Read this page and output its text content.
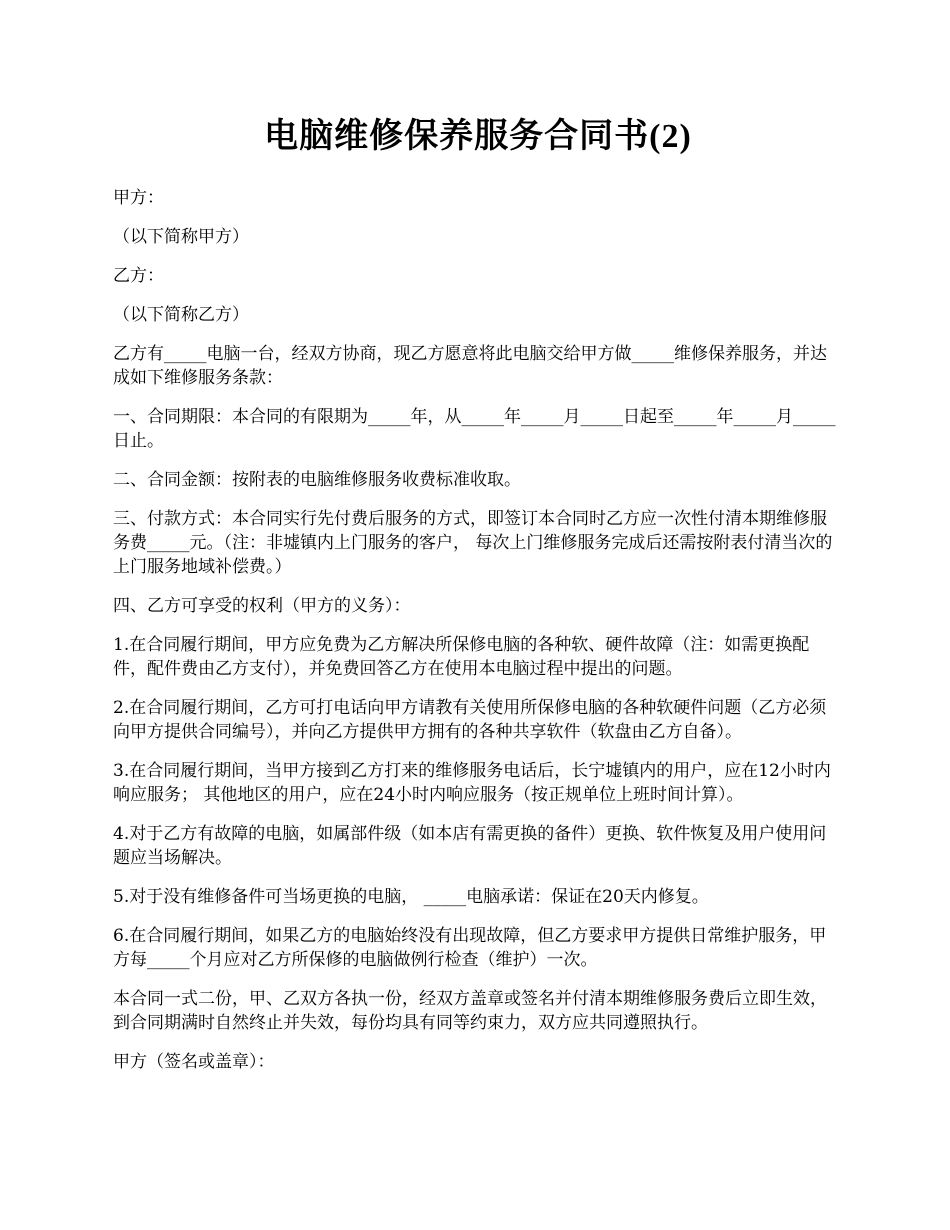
电脑维修保养服务合同书(2)

甲方：

（以下简称甲方）

乙方：

（以下简称乙方）

乙方有_____电脑一台，经双方协商，现乙方愿意将此电脑交给甲方做_____维修保养服务，并达成如下维修服务条款：

一、合同期限：本合同的有限期为_____年，从_____年_____月_____日起至_____年_____月_____日止。

二、合同金额：按附表的电脑维修服务收费标准收取。

三、付款方式：本合同实行先付费后服务的方式，即签订本合同时乙方应一次性付清本期维修服务费_____元。（注：非墟镇内上门服务的客户， 每次上门维修服务完成后还需按附表付清当次的上门服务地域补偿费。）

四、乙方可享受的权利（甲方的义务）：

1.在合同履行期间，甲方应免费为乙方解决所保修电脑的各种软、硬件故障（注：如需更换配件，配件费由乙方支付），并免费回答乙方在使用本电脑过程中提出的问题。

2.在合同履行期间，乙方可打电话向甲方请教有关使用所保修电脑的各种软硬件问题（乙方必须向甲方提供合同编号），并向乙方提供甲方拥有的各种共享软件（软盘由乙方自备）。

3.在合同履行期间，当甲方接到乙方打来的维修服务电话后，长宁墟镇内的用户，应在12小时内响应服务； 其他地区的用户，应在24小时内响应服务（按正规单位上班时间计算）。

4.对于乙方有故障的电脑，如属部件级（如本店有需更换的备件）更换、软件恢复及用户使用问题应当场解决。

5.对于没有维修备件可当场更换的电脑， _____电脑承诺：保证在20天内修复。

6.在合同履行期间，如果乙方的电脑始终没有出现故障，但乙方要求甲方提供日常维护服务，甲方每_____个月应对乙方所保修的电脑做例行检查（维护）一次。

本合同一式二份，甲、乙双方各执一份，经双方盖章或签名并付清本期维修服务费后立即生效，到合同期满时自然终止并失效，每份均具有同等约束力，双方应共同遵照执行。

甲方（签名或盖章）：
